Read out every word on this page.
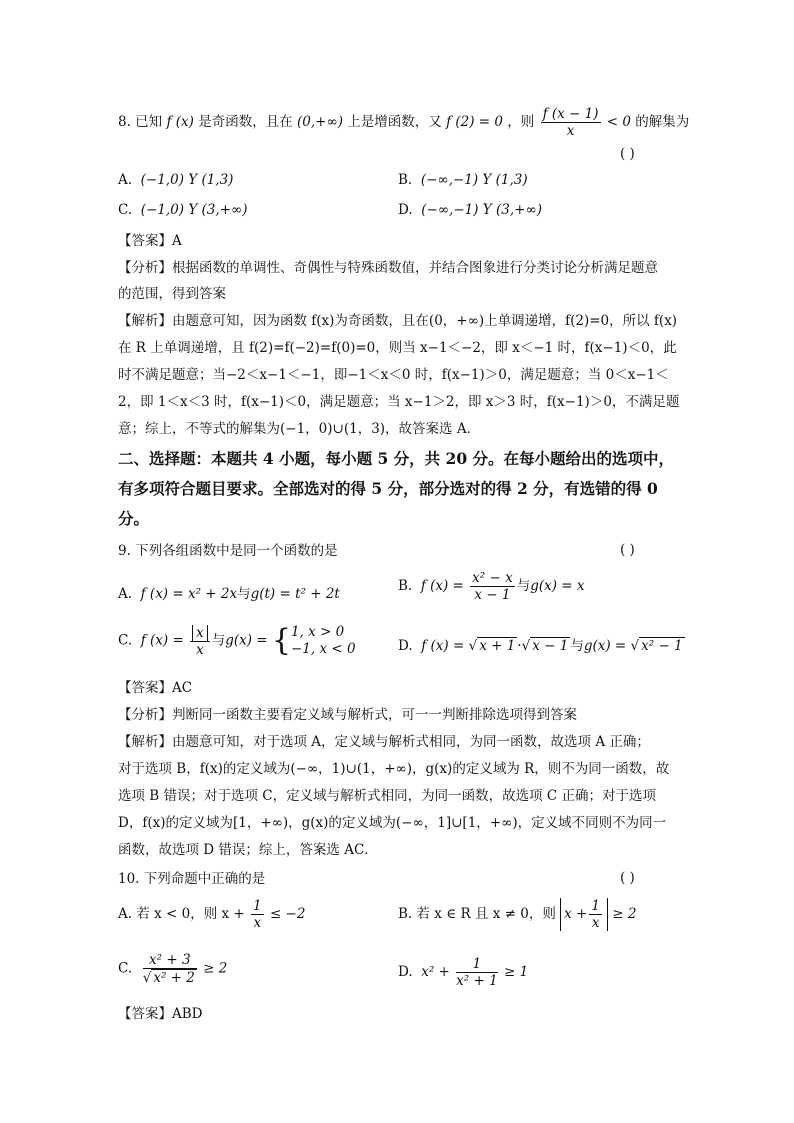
8. 已知 f (x) 是奇函数，且在 (0,+∞) 上是增函数，又 f (2) = 0 ，则 $\frac{f (x - 1)}{x} < 0$ 的解集为
( )
A. (−1,0) Y (1,3)	B. (−∞,−1) Y (1,3)
C. (−1,0) Y (3,+∞)	D. (−∞,−1) Y (3,+∞)
【答案】A
【分析】根据函数的单调性、奇偶性与特殊函数值，并结合图象进行分类讨论分析满足题意
的范围，得到答案
【解析】由题意可知，因为函数 f(x)为奇函数，且在(0，+∞)上单调递增，f(2)=0，所以 f(x)
在 R 上单调递增，且 f(2)=f(−2)=f(0)=0，则当 x−1＜−2，即 x＜−1 时，f(x−1)＜0，此
时不满足题意；当−2＜x−1＜−1，即−1＜x＜0 时，f(x−1)＞0，满足题意；当 0＜x−1＜
2，即 1＜x＜3 时，f(x−1)＜0，满足题意；当 x−1＞2，即 x＞3 时，f(x−1)＞0，不满足题
意；综上，不等式的解集为(−1，0)∪(1，3)，故答案选 A．
二、选择题：本题共 4 小题，每小题 5 分，共 20 分。在每小题给出的选项中，
有多项符合题目要求。全部选对的得 5 分，部分选对的得 2 分，有选错的得 0
分。
9. 下列各组函数中是同一个函数的是	( )
A. f (x) = x² + 2x与g(t) = t² + 2t	B. f $(x) = \frac{\text{x² − x}}{x - 1}$ 与g(x) = x
C. f $(x) = \frac{x}{x}$ 与g(x) = { 1, x > 0
−1, x < 0	D. f (x) = √ x + 1 ·√ x − 1 与g(x) = √ x² − 1
【答案】AC
【分析】判断同一函数主要看定义域与解析式，可一一判断排除选项得到答案
【解析】由题意可知，对于选项 A，定义域与解析式相同，为同一函数，故选项 A 正确；
对于选项 B，f(x)的定义域为(−∞，1)∪(1，+∞)，g(x)的定义域为 R，则不为同一函数，故
选项 B 错误；对于选项 C，定义域与解析式相同，为同一函数，故选项 C 正确；对于选项
D，f(x)的定义域为[1，+∞)，g(x)的定义域为(−∞，1]∪[1，+∞)，定义域不同则不为同一
函数，故选项 D 错误；综上，答案选 AC．
10. 下列命题中正确的是	( )
A. 若 x < 0，则 $x + \frac{1}{x} \le -2$	B. 若 x ∈ R 且 x ≠ 0，则 $x + \frac{1}{x} \ge 2$
C. $\frac{\text{x² + 3}}{\text{√ x² + 2}} \ge 2$	D. $x^2 + \frac{1}{\text{x² + 1}} \ge 1$
【答案】ABD
